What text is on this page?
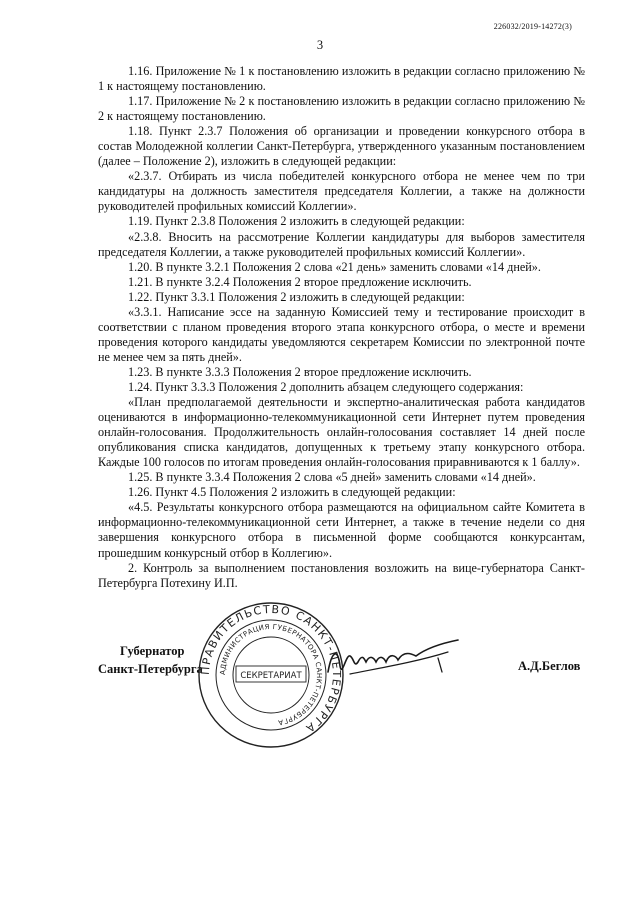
226032/2019-14272(3)
3

1.16. Приложение № 1 к постановлению изложить в редакции согласно приложению № 1 к настоящему постановлению.

1.17. Приложение № 2 к постановлению изложить в редакции согласно приложению № 2 к настоящему постановлению.

1.18. Пункт 2.3.7 Положения об организации и проведении конкурсного отбора в состав Молодежной коллегии Санкт-Петербурга, утвержденного указанным постановлением (далее – Положение 2), изложить в следующей редакции:

«2.3.7. Отбирать из числа победителей конкурсного отбора не менее чем по три кандидатуры на должность заместителя председателя Коллегии, а также на должности руководителей профильных комиссий Коллегии».

1.19. Пункт 2.3.8 Положения 2 изложить в следующей редакции:

«2.3.8. Вносить на рассмотрение Коллегии кандидатуры для выборов заместителя председателя Коллегии, а также руководителей профильных комиссий Коллегии».

1.20. В пункте 3.2.1 Положения 2 слова «21 день» заменить словами «14 дней».

1.21. В пункте 3.2.4 Положения 2 второе предложение исключить.

1.22. Пункт 3.3.1 Положения 2 изложить в следующей редакции:

«3.3.1. Написание эссе на заданную Комиссией тему и тестирование происходит в соответствии с планом проведения второго этапа конкурсного отбора, о месте и времени проведения которого кандидаты уведомляются секретарем Комиссии по электронной почте не менее чем за пять дней».

1.23. В пункте 3.3.3 Положения 2 второе предложение исключить.

1.24. Пункт 3.3.3 Положения 2 дополнить абзацем следующего содержания:

«План предполагаемой деятельности и экспертно-аналитическая работа кандидатов оцениваются в информационно-телекоммуникационной сети Интернет путем проведения онлайн-голосования. Продолжительность онлайн-голосования составляет 14 дней после опубликования списка кандидатов, допущенных к третьему этапу конкурсного отбора. Каждые 100 голосов по итогам проведения онлайн-голосования приравниваются к 1 баллу».

1.25. В пункте 3.3.4 Положения 2 слова «5 дней» заменить словами «14 дней».

1.26. Пункт 4.5 Положения 2 изложить в следующей редакции:

«4.5. Результаты конкурсного отбора размещаются на официальном сайте Комитета в информационно-телекоммуникационной сети Интернет, а также в течение недели со дня завершения конкурсного отбора в письменной форме сообщаются конкурсантам, прошедшим конкурсный отбор в Коллегию».

2. Контроль за выполнением постановления возложить на вице-губернатора Санкт-Петербурга Потехину И.П.

Губернатор
Санкт-Петербурга
ПРАВИТЕЛЬСТВО САНКТ-ПЕТЕРБУРГА
АДМИНИСТРАЦИЯ ГУБЕРНАТОРА САНКТ-ПЕТЕРБУРГА
СЕКРЕТАРИАТ
А.Д.Беглов
